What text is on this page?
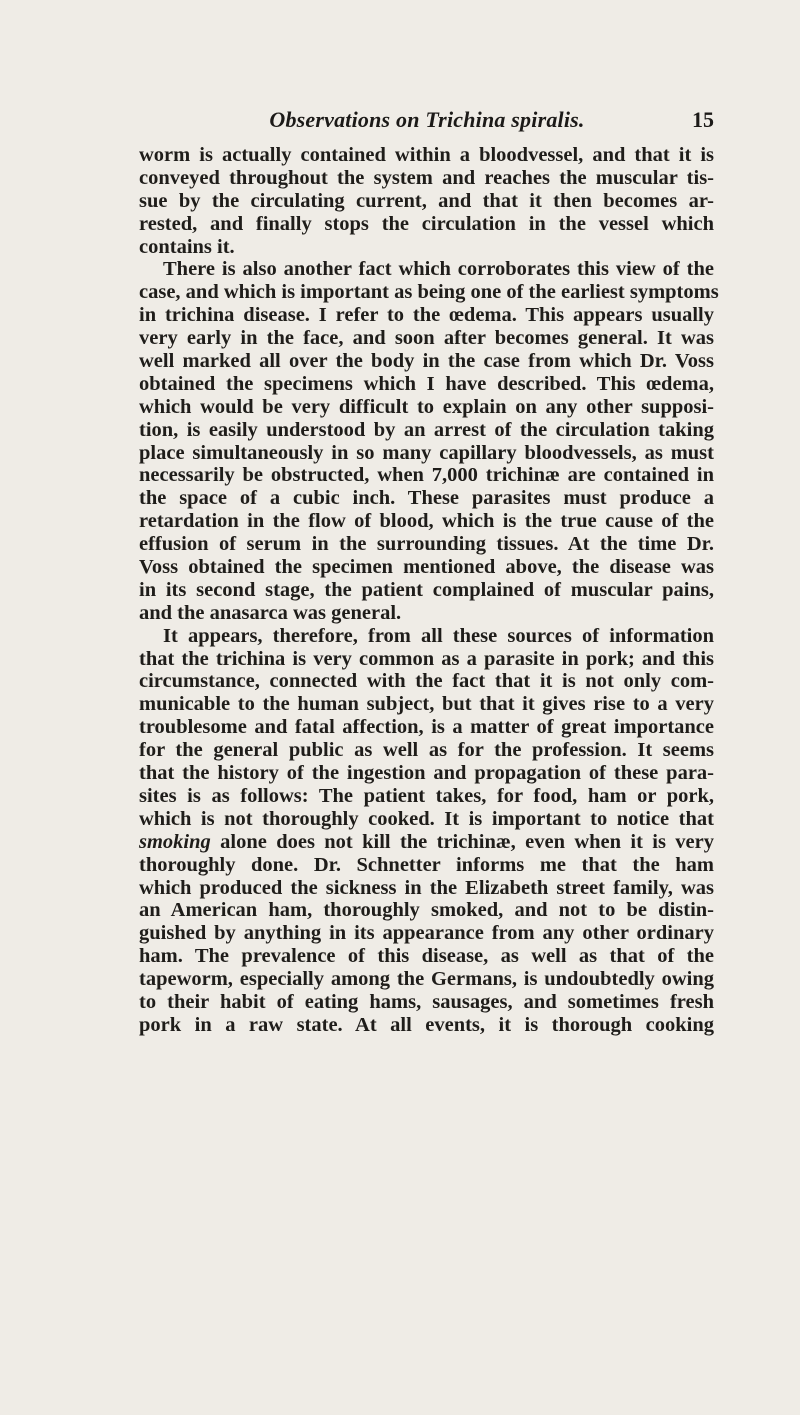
Observations on Trichina spiralis.	15
worm is actually contained within a bloodvessel, and that it is
conveyed throughout the system and reaches the muscular tis-
sue by the circulating current, and that it then becomes ar-
rested, and finally stops the circulation in the vessel which
contains it.
There is also another fact which corroborates this view of the
case, and which is important as being one of the earliest symptoms
in trichina disease. I refer to the œdema. This appears usually
very early in the face, and soon after becomes general. It was
well marked all over the body in the case from which Dr. Voss
obtained the specimens which I have described. This œdema,
which would be very difficult to explain on any other supposi-
tion, is easily understood by an arrest of the circulation taking
place simultaneously in so many capillary bloodvessels, as must
necessarily be obstructed, when 7,000 trichinæ are contained in
the space of a cubic inch. These parasites must produce a
retardation in the flow of blood, which is the true cause of the
effusion of serum in the surrounding tissues. At the time Dr.
Voss obtained the specimen mentioned above, the disease was
in its second stage, the patient complained of muscular pains,
and the anasarca was general.
It appears, therefore, from all these sources of information
that the trichina is very common as a parasite in pork; and this
circumstance, connected with the fact that it is not only com-
municable to the human subject, but that it gives rise to a very
troublesome and fatal affection, is a matter of great importance
for the general public as well as for the profession. It seems
that the history of the ingestion and propagation of these para-
sites is as follows: The patient takes, for food, ham or pork,
which is not thoroughly cooked. It is important to notice that
smoking alone does not kill the trichinæ, even when it is very
thoroughly done. Dr. Schnetter informs me that the ham
which produced the sickness in the Elizabeth street family, was
an American ham, thoroughly smoked, and not to be distin-
guished by anything in its appearance from any other ordinary
ham. The prevalence of this disease, as well as that of the
tapeworm, especially among the Germans, is undoubtedly owing
to their habit of eating hams, sausages, and sometimes fresh
pork in a raw state. At all events, it is thorough cooking
